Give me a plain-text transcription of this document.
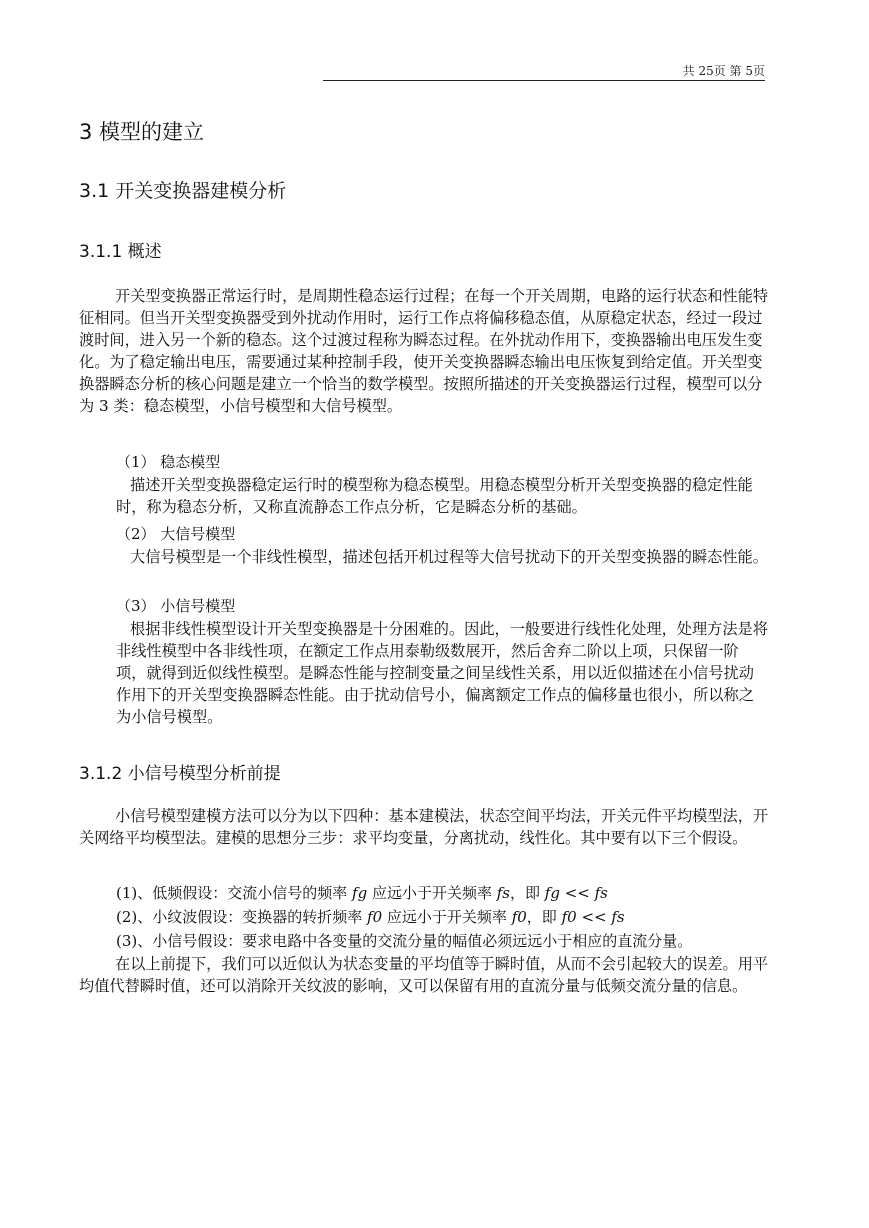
共 25页 第 5页
3 模型的建立
3.1 开关变换器建模分析
3.1.1 概述
开关型变换器正常运行时，是周期性稳态运行过程；在每一个开关周期，电路的运行状态和性能特征相同。但当开关型变换器受到外扰动作用时，运行工作点将偏移稳态值，从原稳定状态，经过一段过渡时间，进入另一个新的稳态。这个过渡过程称为瞬态过程。在外扰动作用下，变换器输出电压发生变化。为了稳定输出电压，需要通过某种控制手段，使开关变换器瞬态输出电压恢复到给定值。开关型变换器瞬态分析的核心问题是建立一个恰当的数学模型。按照所描述的开关变换器运行过程，模型可以分为 3 类：稳态模型，小信号模型和大信号模型。
（1） 稳态模型
描述开关型变换器稳定运行时的模型称为稳态模型。用稳态模型分析开关型变换器的稳定性能时，称为稳态分析，又称直流静态工作点分析，它是瞬态分析的基础。
（2） 大信号模型
大信号模型是一个非线性模型，描述包括开机过程等大信号扰动下的开关型变换器的瞬态性能。
（3） 小信号模型
根据非线性模型设计开关型变换器是十分困难的。因此，一般要进行线性化处理，处理方法是将非线性模型中各非线性项，在额定工作点用泰勒级数展开，然后舍弃二阶以上项，只保留一阶项，就得到近似线性模型。是瞬态性能与控制变量之间呈线性关系，用以近似描述在小信号扰动作用下的开关型变换器瞬态性能。由于扰动信号小，偏离额定工作点的偏移量也很小，所以称之为小信号模型。
3.1.2 小信号模型分析前提
小信号模型建模方法可以分为以下四种：基本建模法，状态空间平均法，开关元件平均模型法，开关网络平均模型法。建模的思想分三步：求平均变量，分离扰动，线性化。其中要有以下三个假设。
(1)、低频假设：交流小信号的频率 fg 应远小于开关频率 fs，即 fg << fs
(2)、小纹波假设：变换器的转折频率 f0 应远小于开关频率 f0，即 f0 << fs
(3)、小信号假设：要求电路中各变量的交流分量的幅值必须远远小于相应的直流分量。
在以上前提下，我们可以近似认为状态变量的平均值等于瞬时值，从而不会引起较大的误差。用平均值代替瞬时值，还可以消除开关纹波的影响，又可以保留有用的直流分量与低频交流分量的信息。
